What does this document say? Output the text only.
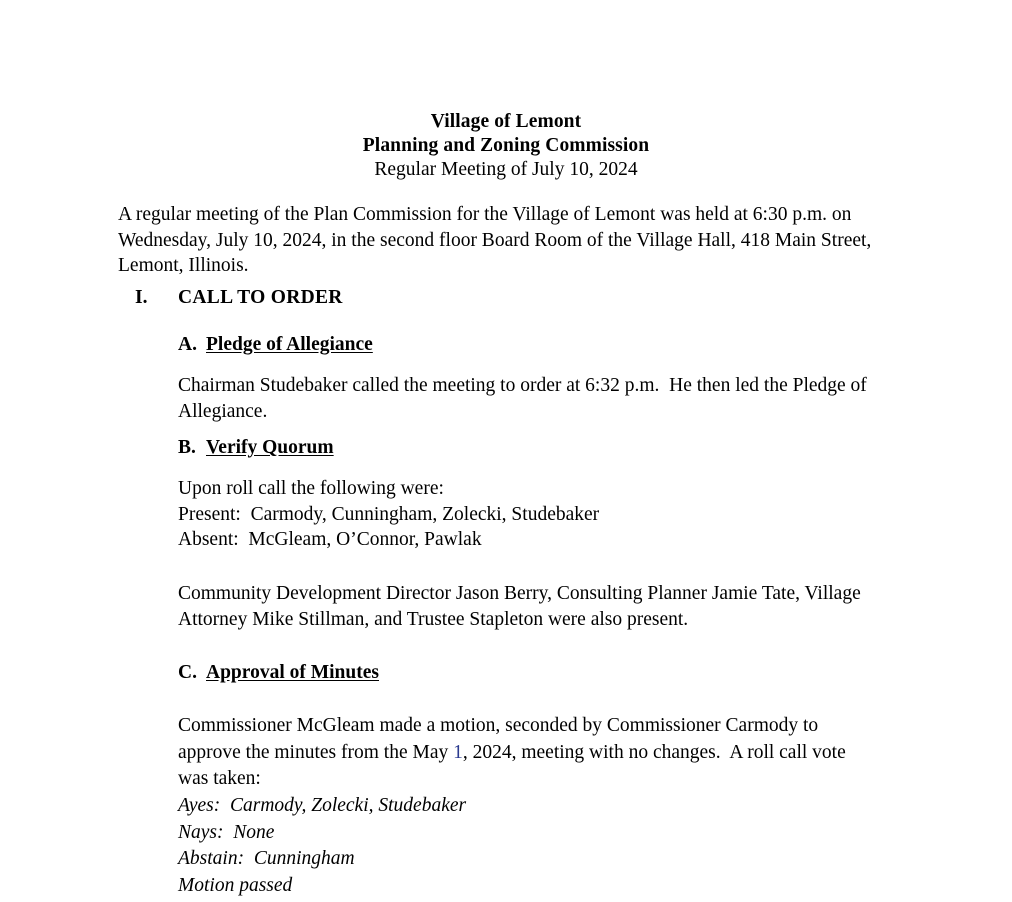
Village of Lemont
Planning and Zoning Commission
Regular Meeting of July 10, 2024
A regular meeting of the Plan Commission for the Village of Lemont was held at 6:30 p.m. on Wednesday, July 10, 2024, in the second floor Board Room of the Village Hall, 418 Main Street, Lemont, Illinois.
I. CALL TO ORDER
A. Pledge of Allegiance
Chairman Studebaker called the meeting to order at 6:32 p.m.  He then led the Pledge of
Allegiance.
B. Verify Quorum
Upon roll call the following were:
Present:  Carmody, Cunningham, Zolecki, Studebaker
Absent:  McGleam, O’Connor, Pawlak
Community Development Director Jason Berry, Consulting Planner Jamie Tate, Village
Attorney Mike Stillman, and Trustee Stapleton were also present.
C. Approval of Minutes
Commissioner McGleam made a motion, seconded by Commissioner Carmody to
approve the minutes from the May 1, 2024, meeting with no changes.  A roll call vote
was taken:
Ayes:  Carmody, Zolecki, Studebaker
Nays:  None
Abstain:  Cunningham
Motion passed
